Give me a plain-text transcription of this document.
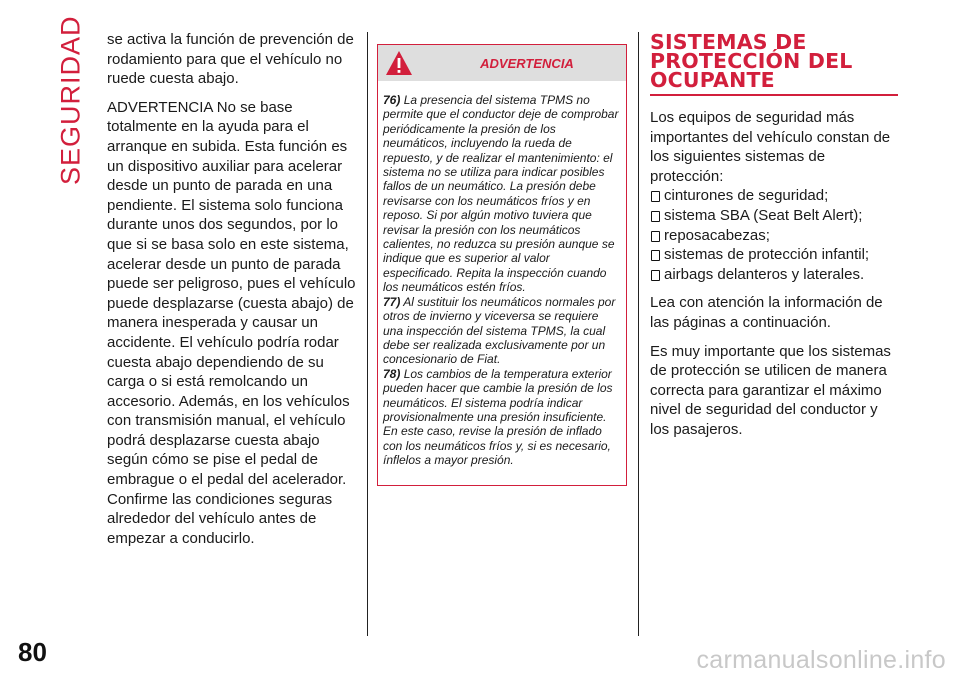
SEGURIDAD se activa la función de prevención de rodamiento para que el vehículo no ruede cuesta abajo.

ADVERTENCIA No se base totalmente en la ayuda para el arranque en subida. Esta función es un dispositivo auxiliar para acelerar desde un punto de parada en una pendiente. El sistema solo funciona durante unos dos segundos, por lo que si se basa solo en este sistema, acelerar desde un punto de parada puede ser peligroso, pues el vehículo puede desplazarse (cuesta abajo) de manera inesperada y causar un accidente. El vehículo podría rodar cuesta abajo dependiendo de su carga o si está remolcando un accesorio. Además, en los vehículos con transmisión manual, el vehículo podrá desplazarse cuesta abajo según cómo se pise el pedal de embrague o el pedal del acelerador. Confirme las condiciones seguras alrededor del vehículo antes de empezar a conducirlo.

ADVERTENCIA
76) La presencia del sistema TPMS no permite que el conductor deje de comprobar periódicamente la presión de los neumáticos, incluyendo la rueda de repuesto, y de realizar el mantenimiento: el sistema no se utiliza para indicar posibles fallos de un neumático. La presión debe revisarse con los neumáticos fríos y en reposo. Si por algún motivo tuviera que revisar la presión con los neumáticos calientes, no reduzca su presión aunque se indique que es superior al valor especificado. Repita la inspección cuando los neumáticos estén fríos.
77) Al sustituir los neumáticos normales por otros de invierno y viceversa se requiere una inspección del sistema TPMS, la cual debe ser realizada exclusivamente por un concesionario de Fiat.
78) Los cambios de la temperatura exterior pueden hacer que cambie la presión de los neumáticos. El sistema podría indicar provisionalmente una presión insuficiente. En este caso, revise la presión de inflado con los neumáticos fríos y, si es necesario, ínflelos a mayor presión.
SISTEMAS DE
PROTECCIÓN DEL
OCUPANTE

Los equipos de seguridad más importantes del vehículo constan de los siguientes sistemas de protección:

cinturones de seguridad;
sistema SBA (Seat Belt Alert);
reposacabezas;
sistemas de protección infantil;
airbags delanteros y laterales.

Lea con atención la información de las páginas a continuación.

Es muy importante que los sistemas de protección se utilicen de manera correcta para garantizar el máximo nivel de seguridad del conductor y los pasajeros.

80	carmanualsonline.info
